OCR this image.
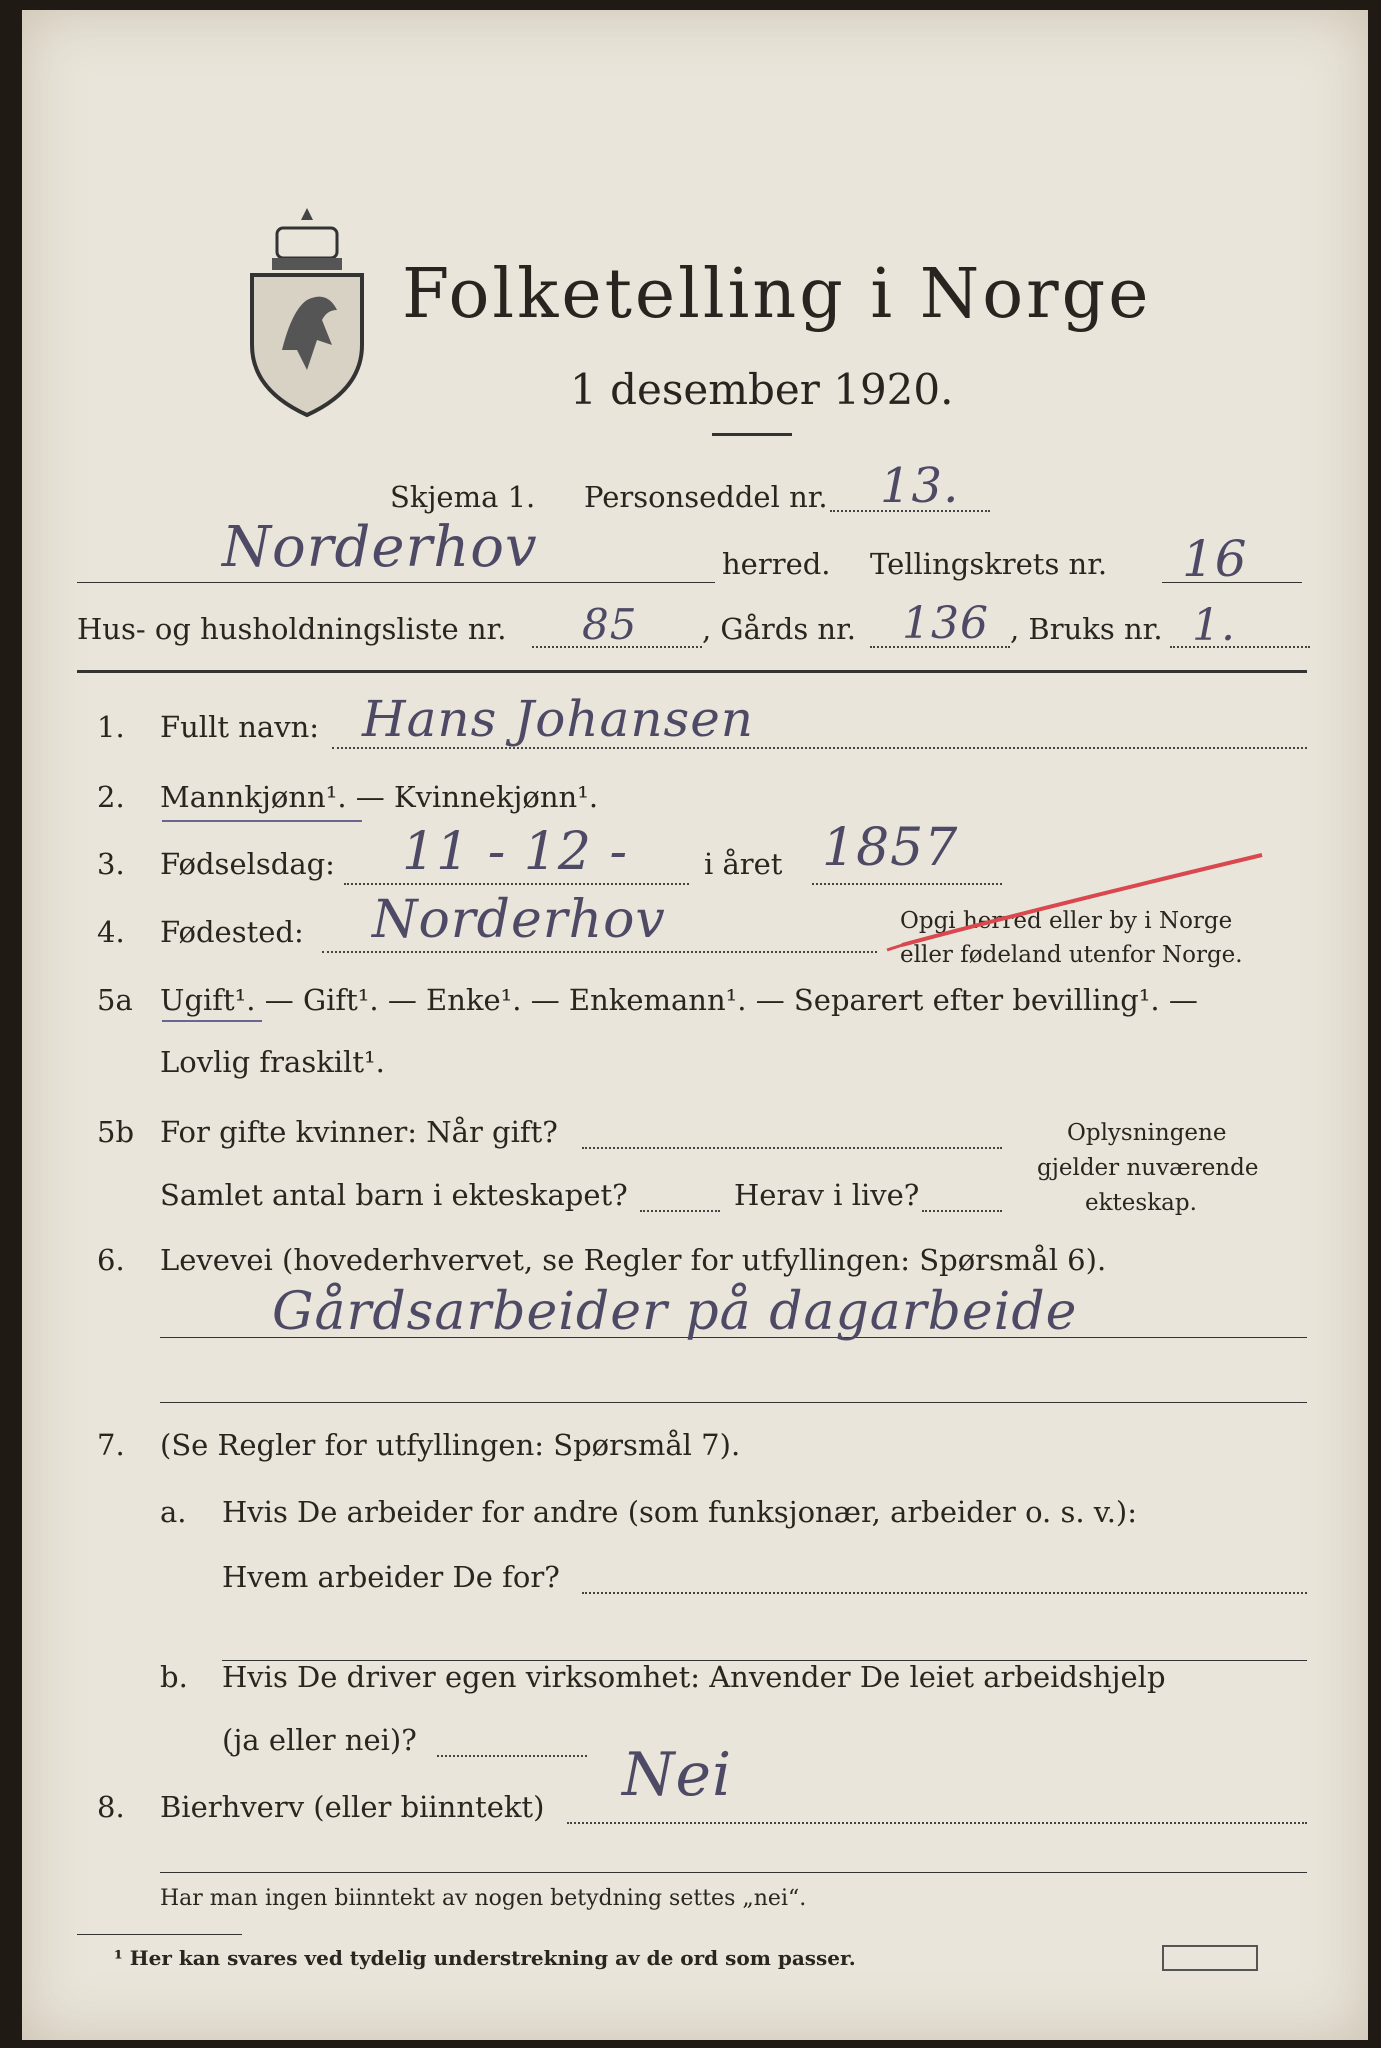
Folketelling i Norge
1 desember 1920.
Skjema 1. Personseddel nr. 13.
Norderhov	herred. Tellingskrets nr. 16
Hus- og husholdningsliste nr. 85 , Gårds nr. 136 , Bruks nr. 1.
1. Fullt navn: Hans Johansen
2. Mannkjønn¹. — Kvinnekjønn¹.
3. Fødselsdag: 11 - 12 -	i året 1857
4. Fødested: Norderhov	Opgi herred eller by i Norge
eller fødeland utenfor Norge.
5a Ugift¹. — Gift¹. — Enke¹. — Enkemann¹. — Separert efter bevilling¹. —
Lovlig fraskilt¹.
5b For gifte kvinner: Når gift?
Samlet antal barn i ekteskapet?	Herav i live?
Oplysningene
gjelder nuværende
ekteskap.
6. Levevei (hovederhvervet, se Regler for utfyllingen: Spørsmål 6).
Gårdsarbeider på dagarbeide
7. (Se Regler for utfyllingen: Spørsmål 7).
a. Hvis De arbeider for andre (som funksjonær, arbeider o. s. v.):
Hvem arbeider De for?
b. Hvis De driver egen virksomhet: Anvender De leiet arbeidshjelp
(ja eller nei)?
8. Bierhverv (eller biinntekt) Nei
Har man ingen biinntekt av nogen betydning settes „nei“.
¹ Her kan svares ved tydelig understrekning av de ord som passer.
